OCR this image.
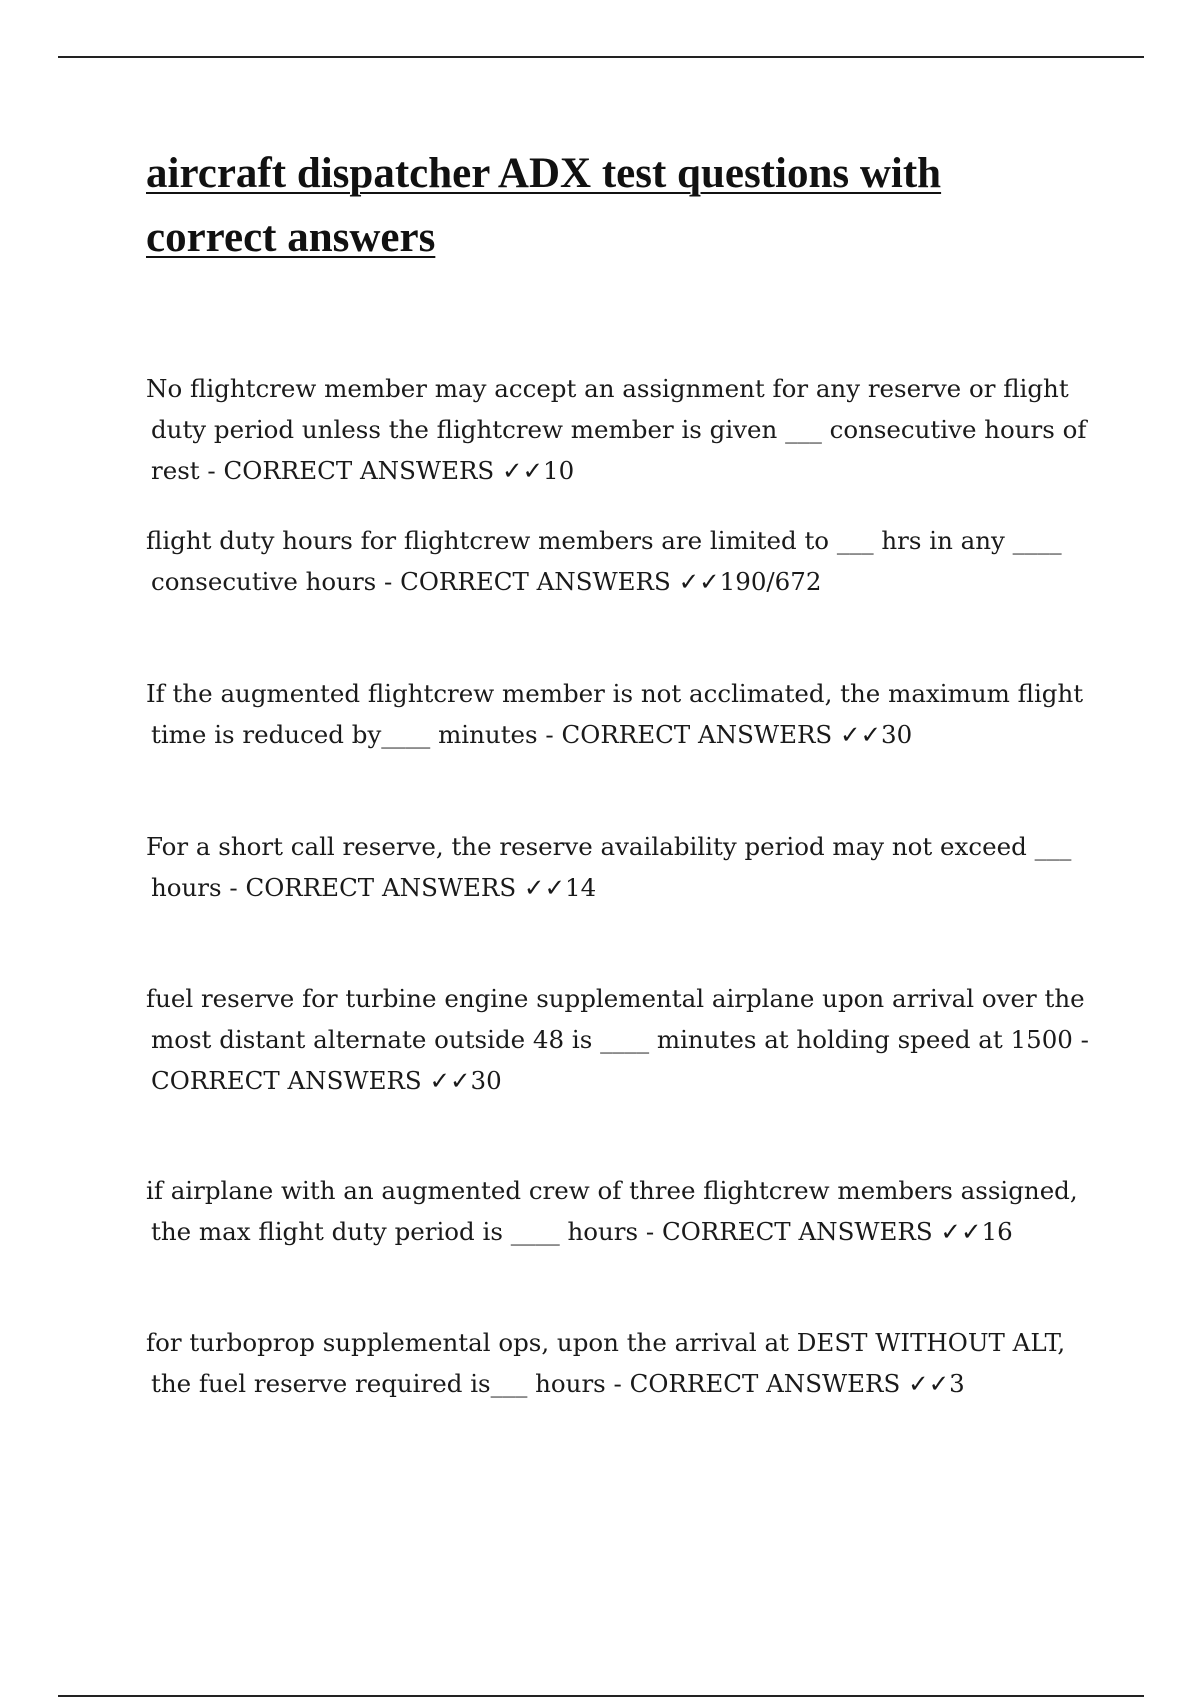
aircraft dispatcher ADX test questions with correct answers
No flightcrew member may accept an assignment for any reserve or flight duty period unless the flightcrew member is given ___ consecutive hours of rest - CORRECT ANSWERS ✓✓10
flight duty hours for flightcrew members are limited to ___ hrs in any ____ consecutive hours - CORRECT ANSWERS ✓✓190/672
If the augmented flightcrew member is not acclimated, the maximum flight time is reduced by____ minutes - CORRECT ANSWERS ✓✓30
For a short call reserve, the reserve availability period may not exceed ___ hours - CORRECT ANSWERS ✓✓14
fuel reserve for turbine engine supplemental airplane upon arrival over the most distant alternate outside 48 is ____ minutes at holding speed at 1500 - CORRECT ANSWERS ✓✓30
if airplane with an augmented crew of three flightcrew members assigned, the max flight duty period is ____ hours - CORRECT ANSWERS ✓✓16
for turboprop supplemental ops, upon the arrival at DEST WITHOUT ALT, the fuel reserve required is___ hours - CORRECT ANSWERS ✓✓3
